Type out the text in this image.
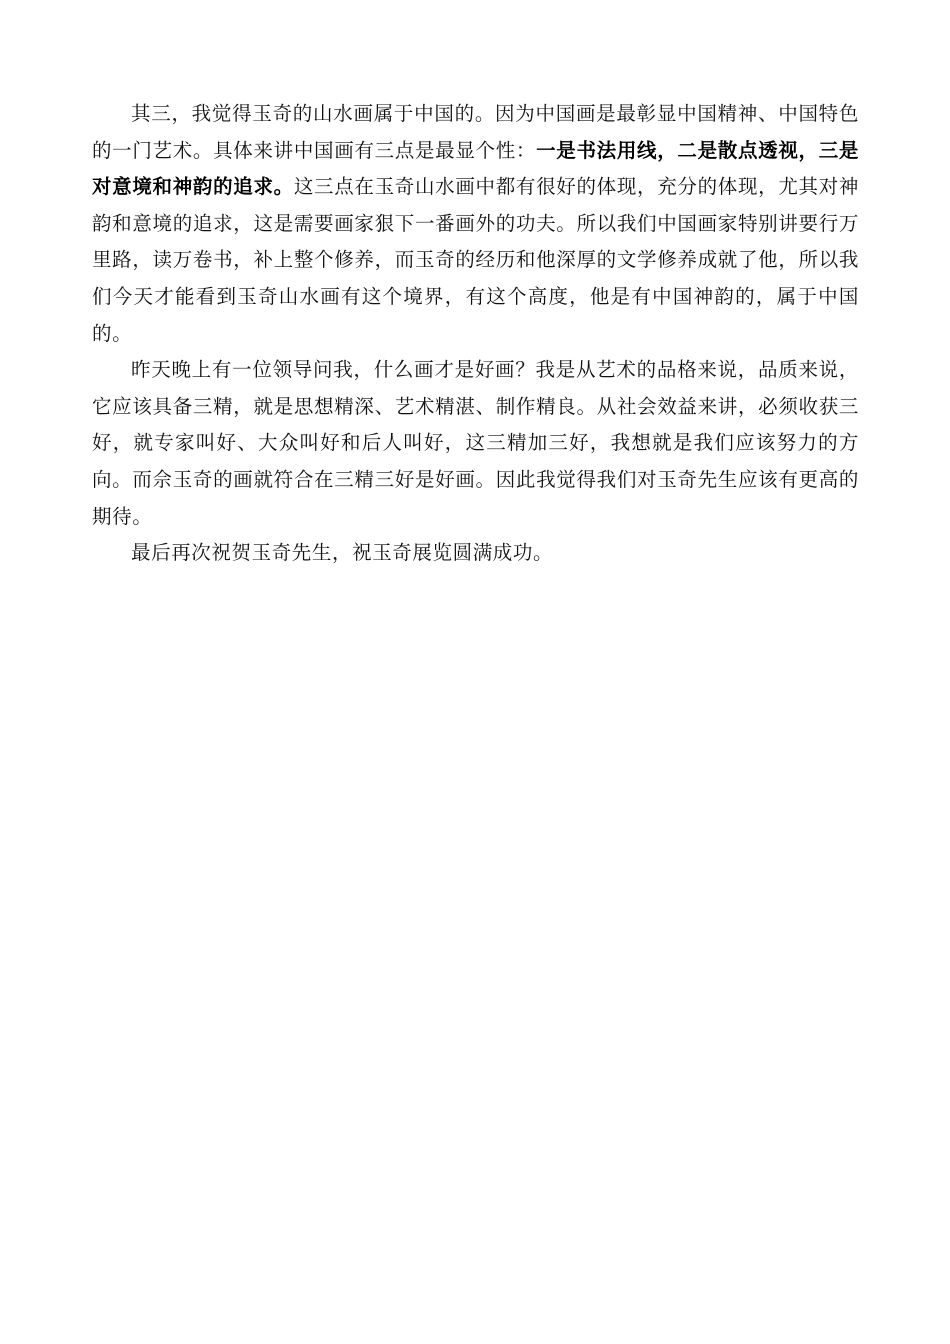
其三，我觉得玉奇的山水画属于中国的。因为中国画是最彰显中国精神、中国特色的一门艺术。具体来讲中国画有三点是最显个性：一是书法用线，二是散点透视，三是对意境和神韵的追求。这三点在玉奇山水画中都有很好的体现，充分的体现，尤其对神韵和意境的追求，这是需要画家狠下一番画外的功夫。所以我们中国画家特别讲要行万里路，读万卷书，补上整个修养，而玉奇的经历和他深厚的文学修养成就了他，所以我们今天才能看到玉奇山水画有这个境界，有这个高度，他是有中国神韵的，属于中国的。

昨天晚上有一位领导问我，什么画才是好画？我是从艺术的品格来说，品质来说，它应该具备三精，就是思想精深、艺术精湛、制作精良。从社会效益来讲，必须收获三好，就专家叫好、大众叫好和后人叫好，这三精加三好，我想就是我们应该努力的方向。而佘玉奇的画就符合在三精三好是好画。因此我觉得我们对玉奇先生应该有更高的期待。

最后再次祝贺玉奇先生，祝玉奇展览圆满成功。
